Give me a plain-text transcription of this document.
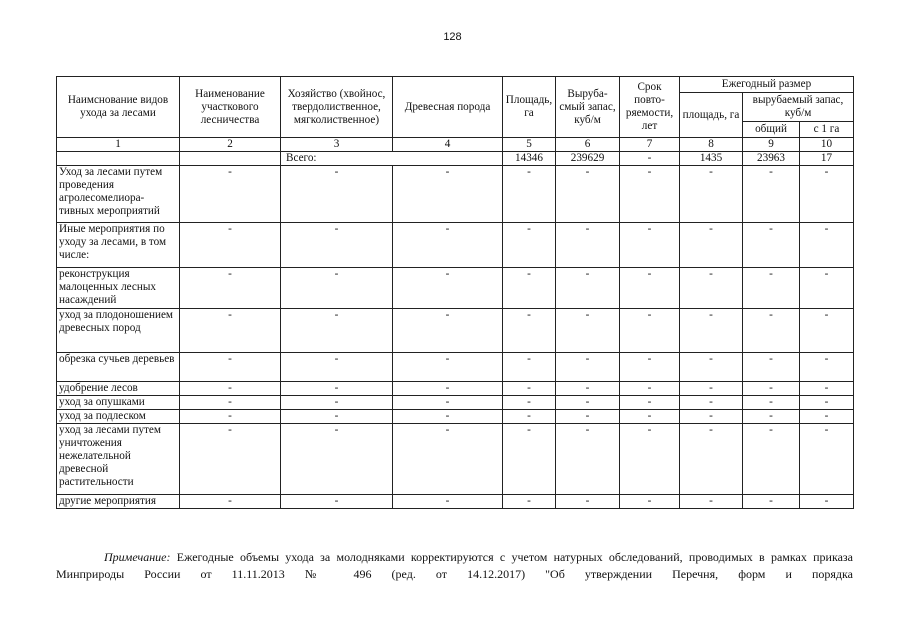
128
Наимснование видов ухода за лесами	Наименование участкового лесничества	Хозяйство (хвойнос, твердолиственное, мягколиственное)	Древесная порода	Площадь, га	Выруба-смый запас, куб/м	Срок повто-ряемости, лет	Ежегодный размер		
							площадь, га	вырубаемый запас, куб/м	
								общий	с 1 га
1	2	3	4	5	6	7	8	9	10
		Всего:		14346	239629	-	1435	23963	17
Уход за лесами путем проведения агролесомелиора-тивных мероприятий	-	-	-	-	-	-	-	-	-
Иные мероприятия по уходу за лесами, в том числе:	-	-	-	-	-	-	-	-	-
реконструкция малоценных лесных насаждений	-	-	-	-	-	-	-	-	-
уход за плодоношением древесных пород	-	-	-	-	-	-	-	-	-
обрезка сучьев деревьев	-	-	-	-	-	-	-	-	-
удобрение лесов	-	-	-	-	-	-	-	-	-
уход за опушками	-	-	-	-	-	-	-	-	-
уход за подлеском	-	-	-	-	-	-	-	-	-
уход за лесами путем уничтожения нежелательной древесной растительности	-	-	-	-	-	-	-	-	-
другие мероприятия	-	-	-	-	-	-	-	-	-
Примечание: Ежегодные объемы ухода за молодняками корректируются с учетом натурных обследований, проводимых в рамках приказа Минприроды России от 11.11.2013 № 496 (ред. от 14.12.2017) "Об утверждении Перечня, форм и порядка
